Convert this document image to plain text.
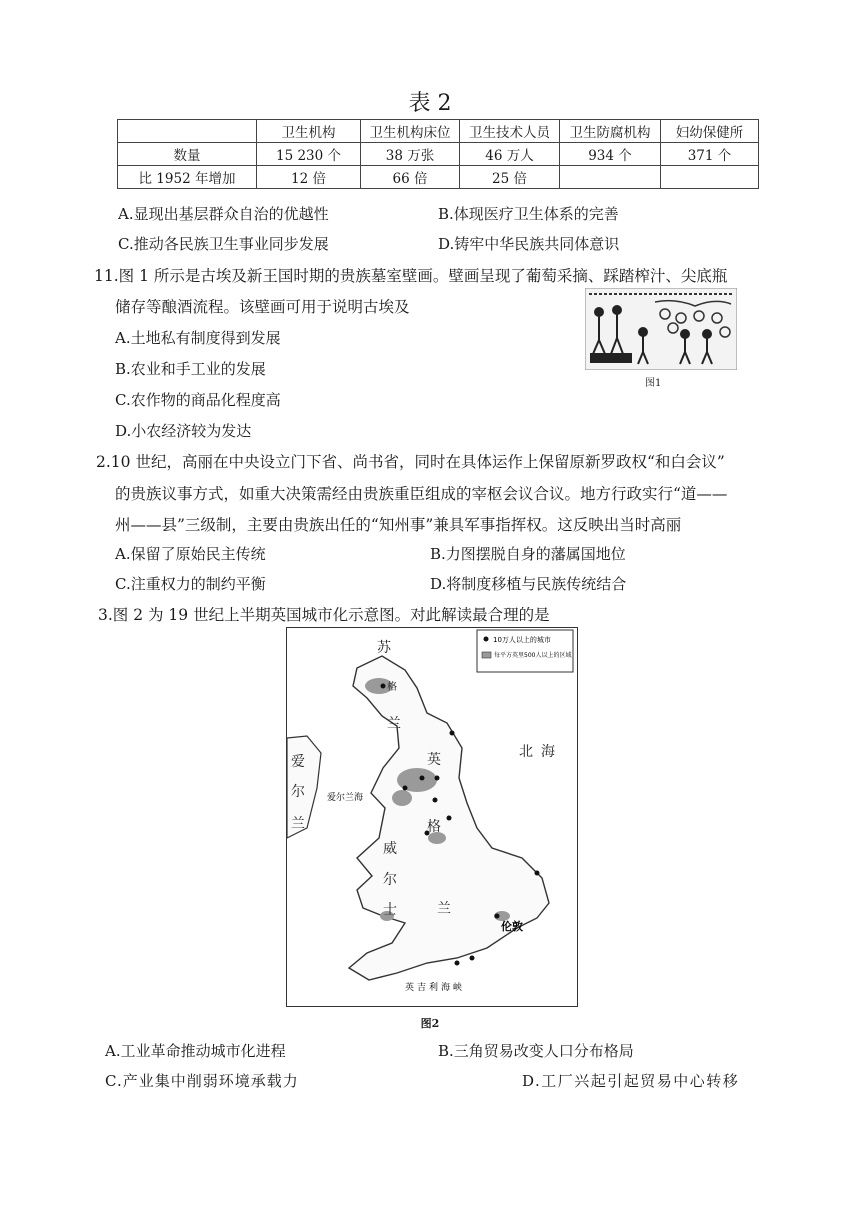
表 2
	卫生机构	卫生机构床位	卫生技术人员	卫生防腐机构	妇幼保健所
数量	15 230 个	38 万张	46 万人	934 个	371 个
比 1952 年增加	12 倍	66 倍	25 倍		
A.显现出基层群众自治的优越性	B.体现医疗卫生体系的完善
C.推动各民族卫生事业同步发展	D.铸牢中华民族共同体意识
11.图 1 所示是古埃及新王国时期的贵族墓室壁画。壁画呈现了葡萄采摘、踩踏榨汁、尖底瓶
储存等酿酒流程。该壁画可用于说明古埃及
A.土地私有制度得到发展
B.农业和手工业的发展
C.农作物的商品化程度高
D.小农经济较为发达
图1
2.10 世纪，高丽在中央设立门下省、尚书省，同时在具体运作上保留原新罗政权“和白会议”
的贵族议事方式，如重大决策需经由贵族重臣组成的宰枢会议合议。地方行政实行“道——
州——县”三级制，主要由贵族出任的“知州事”兼具军事指挥权。这反映出当时高丽
A.保留了原始民主传统	B.力图摆脱自身的藩属国地位
C.注重权力的制约平衡	D.将制度移植与民族传统结合
3.图 2 为 19 世纪上半期英国城市化示意图。对此解读最合理的是
10万人以上的城市
每平方英里500人以上的区域
苏
格
兰
爱
尔
兰
北 海
英
格
兰
威
尔
士
爱尔兰海
伦敦
英吉利海峡
图2
A.工业革命推动城市化进程	B.三角贸易改变人口分布格局
C.产业集中削弱环境承载力	D.工厂兴起引起贸易中心转移
